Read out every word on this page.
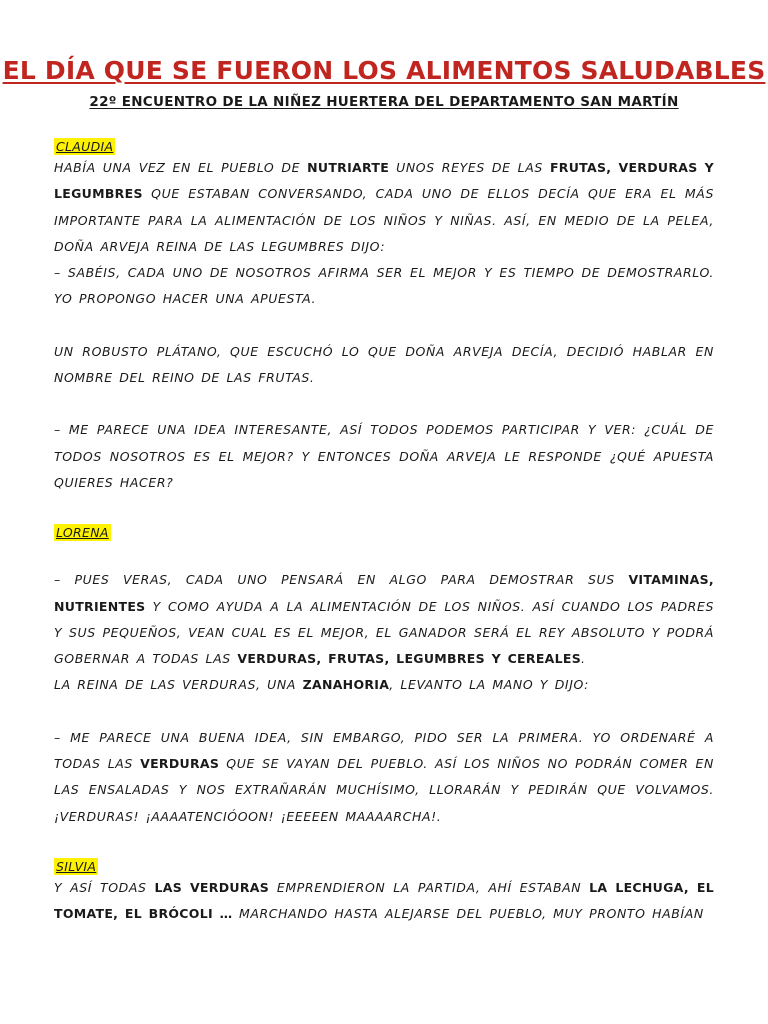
EL DÍA QUE SE FUERON LOS ALIMENTOS SALUDABLES
22º ENCUENTRO DE LA NIÑEZ HUERTERA DEL DEPARTAMENTO SAN MARTÍN
CLAUDIA

HABÍA UNA VEZ EN EL PUEBLO DE NUTRIARTE UNOS REYES DE LAS FRUTAS, VERDURAS Y LEGUMBRES QUE ESTABAN CONVERSANDO, CADA UNO DE ELLOS DECÍA QUE ERA EL MÁS IMPORTANTE PARA LA ALIMENTACIÓN DE LOS NIÑOS Y NIÑAS. ASÍ, EN MEDIO DE LA PELEA, DOÑA ARVEJA REINA DE LAS LEGUMBRES DIJO:

– SABÉIS, CADA UNO DE NOSOTROS AFIRMA SER EL MEJOR Y ES TIEMPO DE DEMOSTRARLO. YO PROPONGO HACER UNA APUESTA.

UN ROBUSTO PLÁTANO, QUE ESCUCHÓ LO QUE DOÑA ARVEJA DECÍA, DECIDIÓ HABLAR EN NOMBRE DEL REINO DE LAS FRUTAS.

– ME PARECE UNA IDEA INTERESANTE, ASÍ TODOS PODEMOS PARTICIPAR Y VER: ¿CUÁL DE TODOS NOSOTROS ES EL MEJOR? Y ENTONCES DOÑA ARVEJA LE RESPONDE ¿QUÉ APUESTA QUIERES HACER?

LORENA

– PUES VERAS, CADA UNO PENSARÁ EN ALGO PARA DEMOSTRAR SUS VITAMINAS, NUTRIENTES Y COMO AYUDA A LA ALIMENTACIÓN DE LOS NIÑOS. ASÍ CUANDO LOS PADRES Y SUS PEQUEÑOS, VEAN CUAL ES EL MEJOR, EL GANADOR SERÁ EL REY ABSOLUTO Y PODRÁ GOBERNAR A TODAS LAS VERDURAS, FRUTAS, LEGUMBRES Y CEREALES.

LA REINA DE LAS VERDURAS, UNA ZANAHORIA, LEVANTO LA MANO Y DIJO:

– ME PARECE UNA BUENA IDEA, SIN EMBARGO, PIDO SER LA PRIMERA. YO ORDENARÉ A TODAS LAS VERDURAS QUE SE VAYAN DEL PUEBLO. ASÍ LOS NIÑOS NO PODRÁN COMER EN LAS ENSALADAS Y NOS EXTRAÑARÁN MUCHÍSIMO, LLORARÁN Y PEDIRÁN QUE VOLVAMOS. ¡VERDURAS! ¡AAAATENCIÓOON! ¡EEEEEN MAAAARCHA!.

SILVIA

Y ASÍ TODAS LAS VERDURAS EMPRENDIERON LA PARTIDA, AHÍ ESTABAN LA LECHUGA, EL TOMATE, EL BRÓCOLI … MARCHANDO HASTA ALEJARSE DEL PUEBLO, MUY PRONTO HABÍAN
